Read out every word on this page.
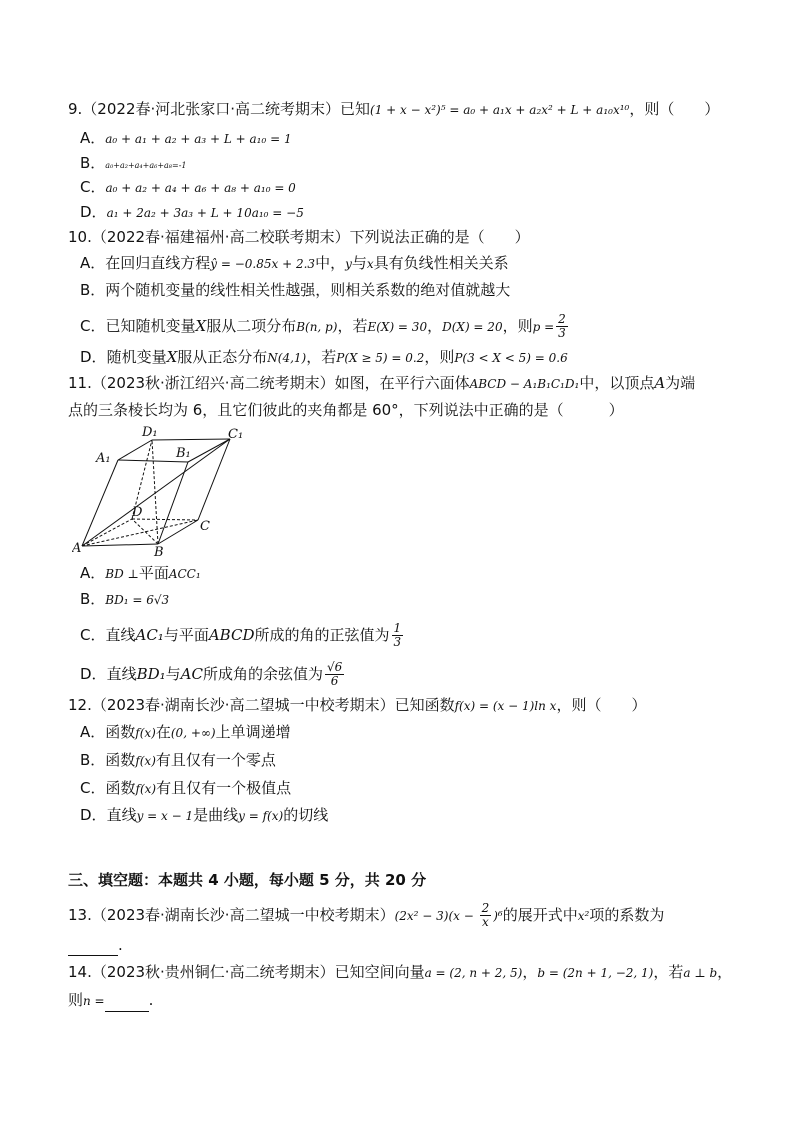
9.（2022春·河北张家口·高二统考期末）已知(1 + x − x²)⁵ = a₀ + a₁x + a₂x² + L + a₁₀x¹⁰，则（　　）
A．a₀ + a₁ + a₂ + a₃ + L + a₁₀ = 1
B．a₀+a₂+a₄+a₆+a₈=-1
C．a₀ + a₂ + a₄ + a₆ + a₈ + a₁₀ = 0
D．a₁ + 2a₂ + 3a₃ + L + 10a₁₀ = −5
10.（2022春·福建福州·高二校联考期末）下列说法正确的是（　　）
A．在回归直线方程ŷ = −0.85x + 2.3中，y与x具有负线性相关关系
B．两个随机变量的线性相关性越强，则相关系数的绝对值就越大
C．已知随机变量X服从二项分布B(n, p)，若E(X) = 30，D(X) = 20，则$p = \frac{2}{3}$
D．随机变量X服从正态分布N(4,1)，若P(X ≥ 5) = 0.2，则P(3 < X < 5) = 0.6
11.（2023秋·浙江绍兴·高二统考期末）如图，在平行六面体ABCD − A₁B₁C₁D₁中，以顶点A为端
点的三条棱长均为 6，且它们彼此的夹角都是 60°，下列说法中正确的是（　　　）
A	B
C
D
A₁	B₁
C₁
D₁
A．BD ⊥平面ACC₁
B．BD₁ = 6√3
C．直线AC₁与平面ABCD所成的角的正弦值为 $\frac{1}{3}$
D．直线BD₁与AC所成角的余弦值为 $\frac{√6}{6}$
12.（2023春·湖南长沙·高二望城一中校考期末）已知函数f(x) = (x − 1)ln x，则（　　）
A．函数f(x)在(0, +∞)上单调递增
B．函数f(x)有且仅有一个零点
C．函数f(x)有且仅有一个极值点
D．直线y = x − 1是曲线y = f(x)的切线
三、填空题：本题共 4 小题，每小题 5 分，共 20 分
13.（2023春·湖南长沙·高二望城一中校考期末）$(2x^2 - 3)(x - \frac{2}{x} )^6$的展开式中x²项的系数为
.
14.（2023秋·贵州铜仁·高二统考期末）已知空间向量a = (2, n + 2, 5)，b = (2n + 1, −2, 1)，若a ⊥ b，
则n =	.
